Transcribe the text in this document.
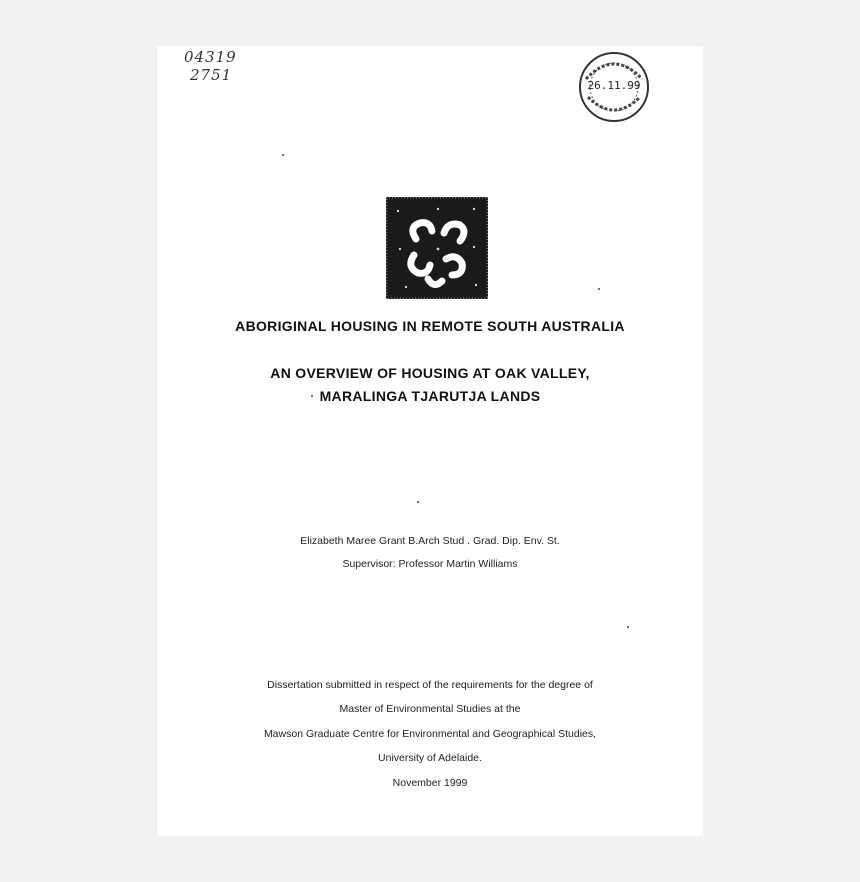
04319
2751
26.11.99
ABORIGINAL HOUSING IN REMOTE SOUTH AUSTRALIA
AN OVERVIEW OF HOUSING AT OAK VALLEY,
MARALINGA TJARUTJA LANDS
Elizabeth Maree Grant B.Arch Stud . Grad. Dip. Env. St.
Supervisor: Professor Martin Williams
Dissertation submitted in respect of the requirements for the degree of
Master of Environmental Studies at the
Mawson Graduate Centre for Environmental and Geographical Studies,
University of Adelaide.
November 1999
